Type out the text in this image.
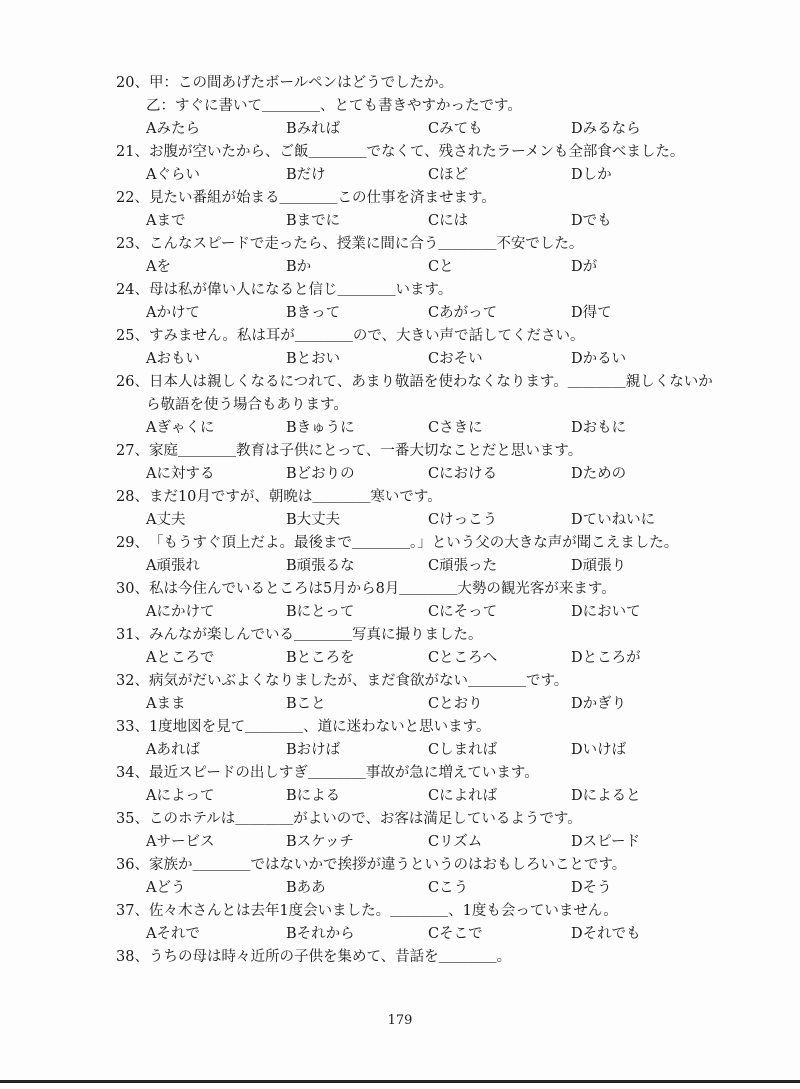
20、甲：この間あげたボールペンはどうでしたか。
乙：すぐに書いて＿＿＿＿、とても書きやすかったです。
Aみたら	Bみれば	Cみても	Dみるなら
21、お腹が空いたから、ご飯＿＿＿＿でなくて、残されたラーメンも全部食べました。
Aぐらい	Bだけ	Cほど	Dしか
22、見たい番組が始まる＿＿＿＿この仕事を済ませます。
Aまで	Bまでに	Cには	Dでも
23、こんなスピードで走ったら、授業に間に合う＿＿＿＿不安でした。
Aを	Bか	Cと	Dが
24、母は私が偉い人になると信じ＿＿＿＿います。
Aかけて	Bきって	Cあがって	D得て
25、すみません。私は耳が＿＿＿＿ので、大きい声で話してください。
Aおもい	Bとおい	Cおそい	Dかるい
26、日本人は親しくなるにつれて、あまり敬語を使わなくなります。＿＿＿＿親しくないか
ら敬語を使う場合もあります。
Aぎゃくに	Bきゅうに	Cさきに	Dおもに
27、家庭＿＿＿＿教育は子供にとって、一番大切なことだと思います。
Aに対する	Bどおりの	Cにおける	Dための
28、まだ10月ですが、朝晩は＿＿＿＿寒いです。
A丈夫	B大丈夫	Cけっこう	Dていねいに
29、「もうすぐ頂上だよ。最後まで＿＿＿＿。」という父の大きな声が聞こえました。
A頑張れ	B頑張るな	C頑張った	D頑張り
30、私は今住んでいるところは5月から8月＿＿＿＿大勢の観光客が来ます。
Aにかけて	Bにとって	Cにそって	Dにおいて
31、みんなが楽しんでいる＿＿＿＿写真に撮りました。
Aところで	Bところを	Cところへ	Dところが
32、病気がだいぶよくなりましたが、まだ食欲がない＿＿＿＿です。
Aまま	Bこと	Cとおり	Dかぎり
33、1度地図を見て＿＿＿＿、道に迷わないと思います。
Aあれば	Bおけば	Cしまれば	Dいけば
34、最近スピードの出しすぎ＿＿＿＿事故が急に増えています。
Aによって	Bによる	Cによれば	Dによると
35、このホテルは＿＿＿＿がよいので、お客は満足しているようです。
Aサービス	Bスケッチ	Cリズム	Dスピード
36、家族か＿＿＿＿ではないかで挨拶が違うというのはおもしろいことです。
Aどう	Bああ	Cこう	Dそう
37、佐々木さんとは去年1度会いました。＿＿＿＿、1度も会っていません。
Aそれで	Bそれから	Cそこで	Dそれでも
38、うちの母は時々近所の子供を集めて、昔話を＿＿＿＿。
179
